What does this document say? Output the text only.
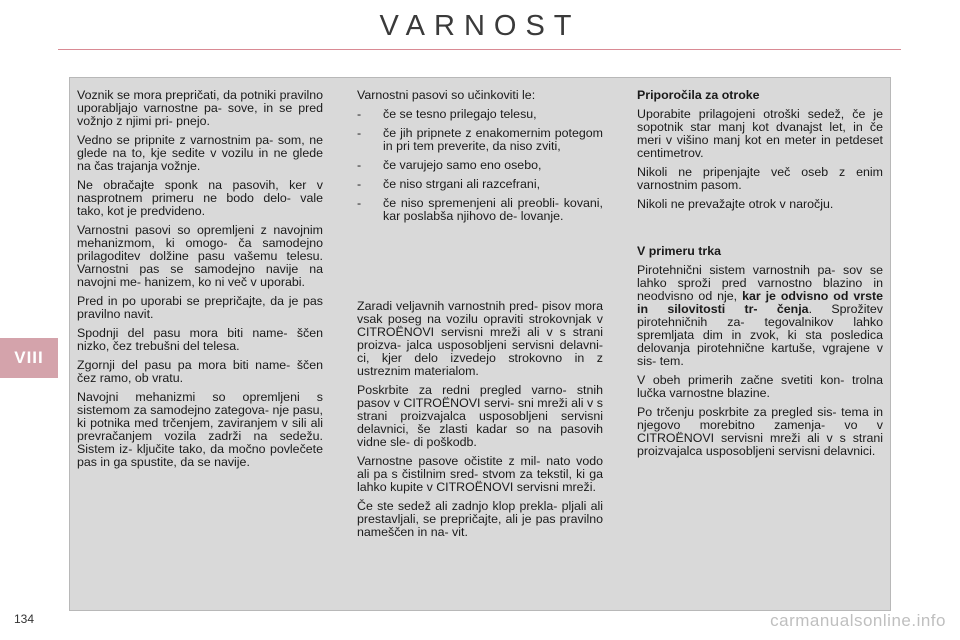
VARNOST
VIII

Voznik se mora prepričati, da potniki pravilno uporabljajo varnostne pa- sove, in se pred vožnjo z njimi pri- pnejo.

Vedno se pripnite z varnostnim pa- som, ne glede na to, kje sedite v vozilu in ne glede na čas trajanja vožnje.

Ne obračajte sponk na pasovih, ker v nasprotnem primeru ne bodo delo- vale tako, kot je predvideno.

Varnostni pasovi so opremljeni z navojnim mehanizmom, ki omogo- ča samodejno prilagoditev dolžine pasu vašemu telesu. Varnostni pas se samodejno navije na navojni me- hanizem, ko ni več v uporabi.

Pred in po uporabi se prepričajte, da je pas pravilno navit.

Spodnji del pasu mora biti name- ščen nizko, čez trebušni del telesa.

Zgornji del pasu pa mora biti name- ščen čez ramo, ob vratu.

Navojni mehanizmi so opremljeni s sistemom za samodejno zategova- nje pasu, ki potnika med trčenjem, zaviranjem v sili ali prevračanjem vozila zadrži na sedežu. Sistem iz- ključite tako, da močno povlečete pas in ga spustite, da se navije.

Varnostni pasovi so učinkoviti le:

- če se tesno prilegajo telesu,
- če jih pripnete z enakomernim potegom in pri tem preverite, da niso zviti,
- če varujejo samo eno osebo,
- če niso strgani ali razcefrani,
- če niso spremenjeni ali preobli- kovani, kar poslabša njihovo de- lovanje.

Zaradi veljavnih varnostnih pred- pisov mora vsak poseg na vozilu opraviti strokovnjak v CITROËNOVI servisni mreži ali v s strani proizva- jalca usposobljeni servisni delavni- ci, kjer delo izvedejo strokovno in z ustreznim materialom.

Poskrbite za redni pregled varno- stnih pasov v CITROËNOVI servi- sni mreži ali v s strani proizvajalca usposobljeni servisni delavnici, še zlasti kadar so na pasovih vidne sle- di poškodb.

Varnostne pasove očistite z mil- nato vodo ali pa s čistilnim sred- stvom za tekstil, ki ga lahko kupite v CITROËNOVI servisni mreži.

Če ste sedež ali zadnjo klop prekla- pljali ali prestavljali, se prepričajte, ali je pas pravilno nameščen in na- vit.

Priporočila za otroke

Uporabite prilagojeni otroški sedež, če je sopotnik star manj kot dvanajst let, in če meri v višino manj kot en meter in petdeset centimetrov.

Nikoli ne pripenjajte več oseb z enim varnostnim pasom.

Nikoli ne prevažajte otrok v naročju.

V primeru trka

Pirotehnični sistem varnostnih pa- sov se lahko sproži pred varnostno blazino in neodvisno od nje, kar je odvisno od vrste in silovitosti tr- čenja. Sprožitev pirotehničnih za- tegovalnikov lahko spremljata dim in zvok, ki sta posledica delovanja pirotehnične kartuše, vgrajene v sis- tem.

V obeh primerih začne svetiti kon- trolna lučka varnostne blazine.

Po trčenju poskrbite za pregled sis- tema in njegovo morebitno zamenja- vo v CITROËNOVI servisni mreži ali v s strani proizvajalca usposobljeni servisni delavnici.

134	carmanualsonline.info
